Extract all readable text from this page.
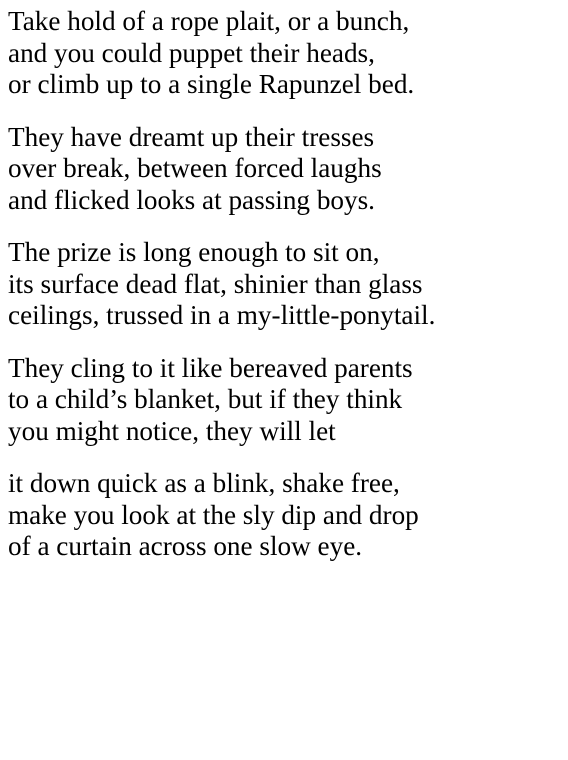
Take hold of a rope plait, or a bunch,
and you could puppet their heads,
or climb up to a single Rapunzel bed.
They have dreamt up their tresses
over break, between forced laughs
and flicked looks at passing boys.
The prize is long enough to sit on,
its surface dead flat, shinier than glass
ceilings, trussed in a my-little-ponytail.
They cling to it like bereaved parents
to a child’s blanket, but if they think
you might notice, they will let
it down quick as a blink, shake free,
make you look at the sly dip and drop
of a curtain across one slow eye.
